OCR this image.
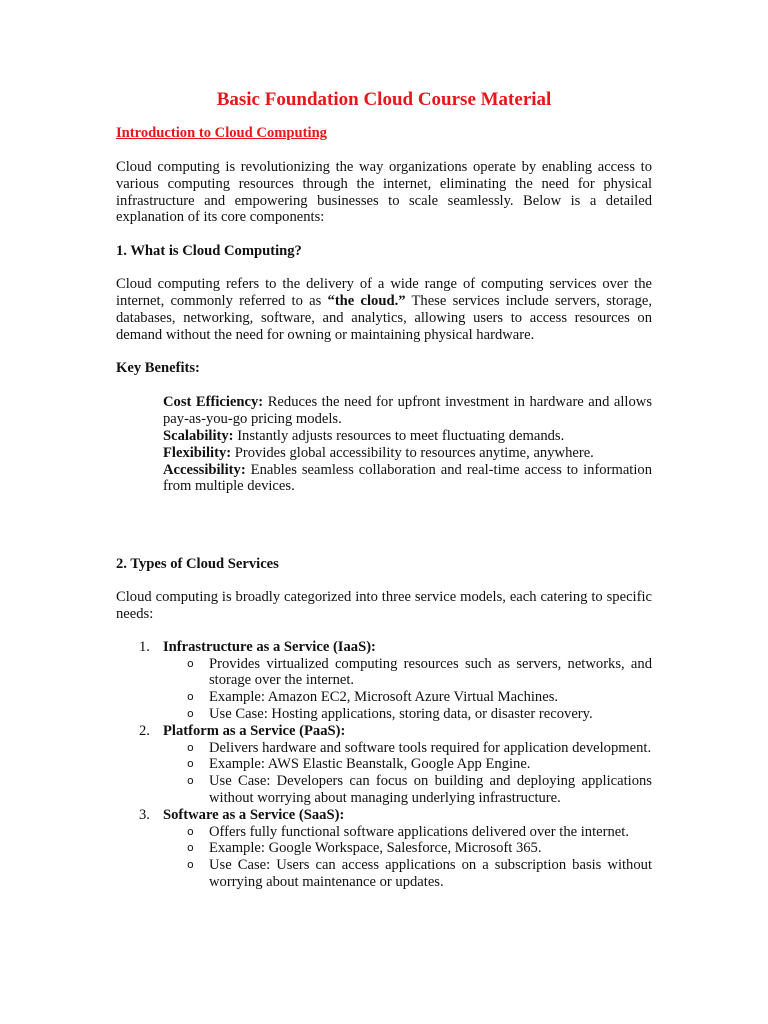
Basic Foundation Cloud Course Material
Introduction to Cloud Computing

Cloud computing is revolutionizing the way organizations operate by enabling access to various computing resources through the internet, eliminating the need for physical infrastructure and empowering businesses to scale seamlessly. Below is a detailed explanation of its core components:

1. What is Cloud Computing?

Cloud computing refers to the delivery of a wide range of computing services over the internet, commonly referred to as “the cloud.” These services include servers, storage, databases, networking, software, and analytics, allowing users to access resources on demand without the need for owning or maintaining physical hardware.

Key Benefits:

Cost Efficiency: Reduces the need for upfront investment in hardware and allows pay-as-you-go pricing models.

Scalability: Instantly adjusts resources to meet fluctuating demands.

Flexibility: Provides global accessibility to resources anytime, anywhere.

Accessibility: Enables seamless collaboration and real-time access to information from multiple devices.

2. Types of Cloud Services

Cloud computing is broadly categorized into three service models, each catering to specific needs:

1. Infrastructure as a Service (IaaS):
o Provides virtualized computing resources such as servers, networks, and storage over the internet.
o Example: Amazon EC2, Microsoft Azure Virtual Machines.
o Use Case: Hosting applications, storing data, or disaster recovery.
2. Platform as a Service (PaaS):
o Delivers hardware and software tools required for application development.
o Example: AWS Elastic Beanstalk, Google App Engine.
o Use Case: Developers can focus on building and deploying applications without worrying about managing underlying infrastructure.
3. Software as a Service (SaaS):
o Offers fully functional software applications delivered over the internet.
o Example: Google Workspace, Salesforce, Microsoft 365.
o Use Case: Users can access applications on a subscription basis without worrying about maintenance or updates.
